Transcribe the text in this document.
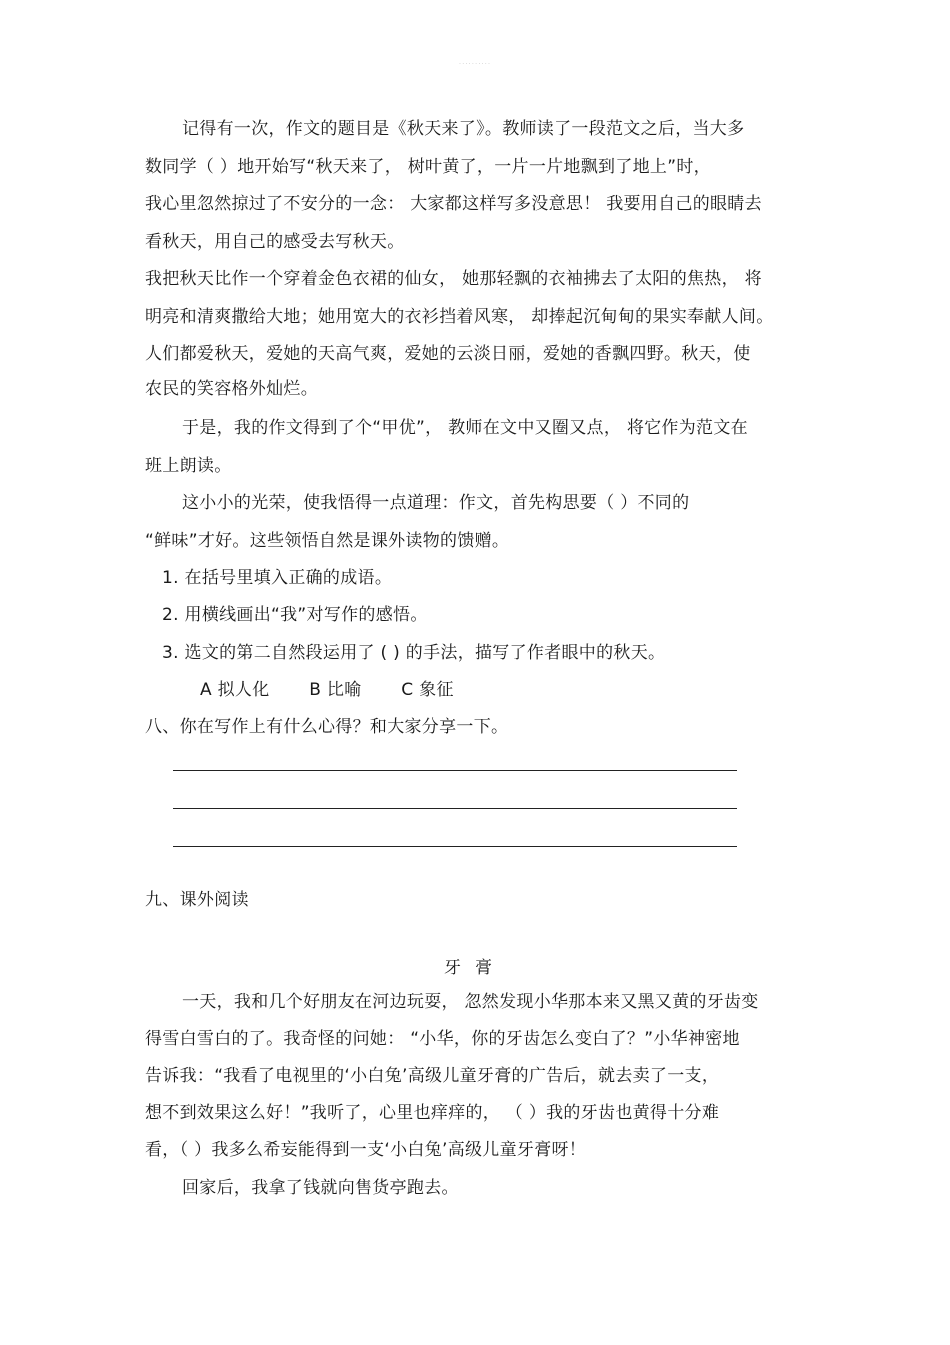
··········
记得有一次，作文的题目是《秋天来了》。教师读了一段范文之后，当大多
数同学（ ）地开始写“秋天来了， 树叶黄了，一片一片地飘到了地上”时，
我心里忽然掠过了不安分的一念： 大家都这样写多没意思！ 我要用自己的眼睛去
看秋天，用自己的感受去写秋天。
我把秋天比作一个穿着金色衣裙的仙女， 她那轻飘的衣袖拂去了太阳的焦热， 将
明亮和清爽撒给大地；她用宽大的衣衫挡着风寒， 却捧起沉甸甸的果实奉献人间。
人们都爱秋天，爱她的天高气爽，爱她的云淡日丽，爱她的香飘四野。秋天，使
农民的笑容格外灿烂。
于是，我的作文得到了个“甲优”， 教师在文中又圈又点， 将它作为范文在
班上朗读。
这小小的光荣，使我悟得一点道理：作文，首先构思要（ ）不同的
“鲜味”才好。这些领悟自然是课外读物的馈赠。
1. 在括号里填入正确的成语。
2. 用横线画出“我”对写作的感悟。
3. 选文的第二自然段运用了 ( ) 的手法，描写了作者眼中的秋天。
A 拟人化 B 比喻 C 象征
八、你在写作上有什么心得？和大家分享一下。
九、课外阅读
牙膏
一天，我和几个好朋友在河边玩耍， 忽然发现小华那本来又黑又黄的牙齿变
得雪白雪白的了。我奇怪的问她： “小华，你的牙齿怎么变白了？”小华神密地
告诉我：“我看了电视里的‘小白兔’高级儿童牙膏的广告后，就去卖了一支，
想不到效果这么好！”我听了，心里也痒痒的， （ ）我的牙齿也黄得十分难
看，（ ）我多么希妄能得到一支‘小白兔’高级儿童牙膏呀！
回家后，我拿了钱就向售货亭跑去。
